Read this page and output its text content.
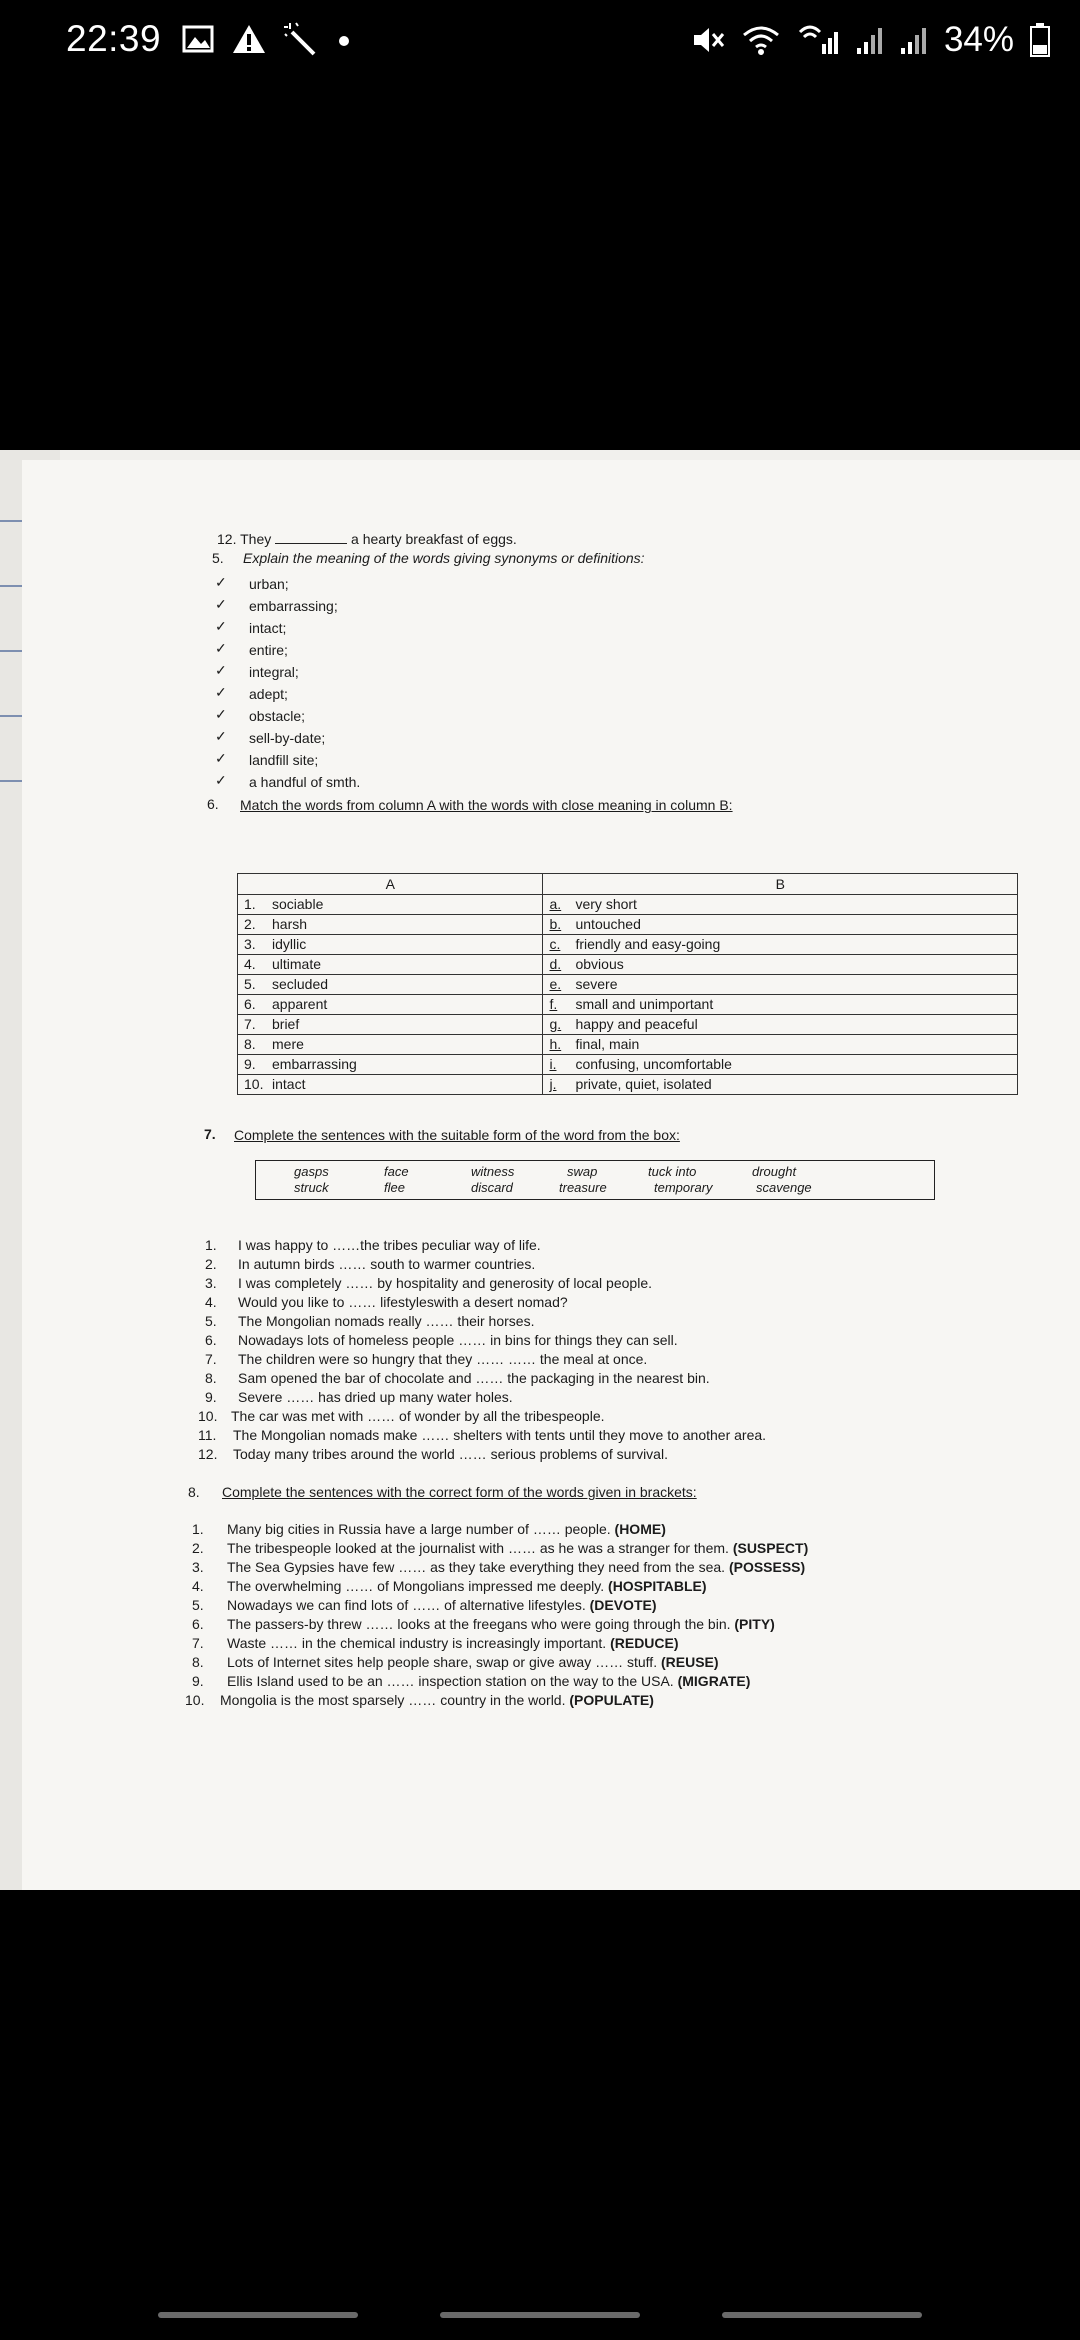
22:39	34%
12. They	a hearty breakfast of eggs.
5. Explain the meaning of the words giving synonyms or definitions:
✓ urban;
✓ embarrassing;
✓ intact;
✓ entire;
✓ integral;
✓ adept;
✓ obstacle;
✓ sell-by-date;
✓ landfill site;
✓ a handful of smth.
6. Match the words from column A with the words with close meaning in column B:
A	B
1. sociable	a. very short
2. harsh	b. untouched
3. idyllic	c. friendly and easy-going
4. ultimate	d. obvious
5. secluded	e. severe
6. apparent	f. small and unimportant
7. brief	g. happy and peaceful
8. mere	h. final, main
9. embarrassing	i. confusing, uncomfortable
10. intact	j. private, quiet, isolated
7. Complete the sentences with the suitable form of the word from the box:
gasps	face	witness	swap	tuck into	drought
struck	flee	discard	treasure	temporary	scavenge
1. I was happy to ……the tribes peculiar way of life.
2. In autumn birds …… south to warmer countries.
3. I was completely …… by hospitality and generosity of local people.
4. Would you like to …… lifestyleswith a desert nomad?
5. The Mongolian nomads really …… their horses.
6. Nowadays lots of homeless people …… in bins for things they can sell.
7. The children were so hungry that they …… …… the meal at once.
8. Sam opened the bar of chocolate and …… the packaging in the nearest bin.
9. Severe …… has dried up many water holes.
10. The car was met with …… of wonder by all the tribespeople.
11. The Mongolian nomads make …… shelters with tents until they move to another area.
12. Today many tribes around the world …… serious problems of survival.
8. Complete the sentences with the correct form of the words given in brackets:
1. Many big cities in Russia have a large number of …… people. (HOME)
2. The tribespeople looked at the journalist with …… as he was a stranger for them. (SUSPECT)
3. The Sea Gypsies have few …… as they take everything they need from the sea. (POSSESS)
4. The overwhelming …… of Mongolians impressed me deeply. (HOSPITABLE)
5. Nowadays we can find lots of …… of alternative lifestyles. (DEVOTE)
6. The passers-by threw …… looks at the freegans who were going through the bin. (PITY)
7. Waste …… in the chemical industry is increasingly important. (REDUCE)
8. Lots of Internet sites help people share, swap or give away …… stuff. (REUSE)
9. Ellis Island used to be an …… inspection station on the way to the USA. (MIGRATE)
10. Mongolia is the most sparsely …… country in the world. (POPULATE)
